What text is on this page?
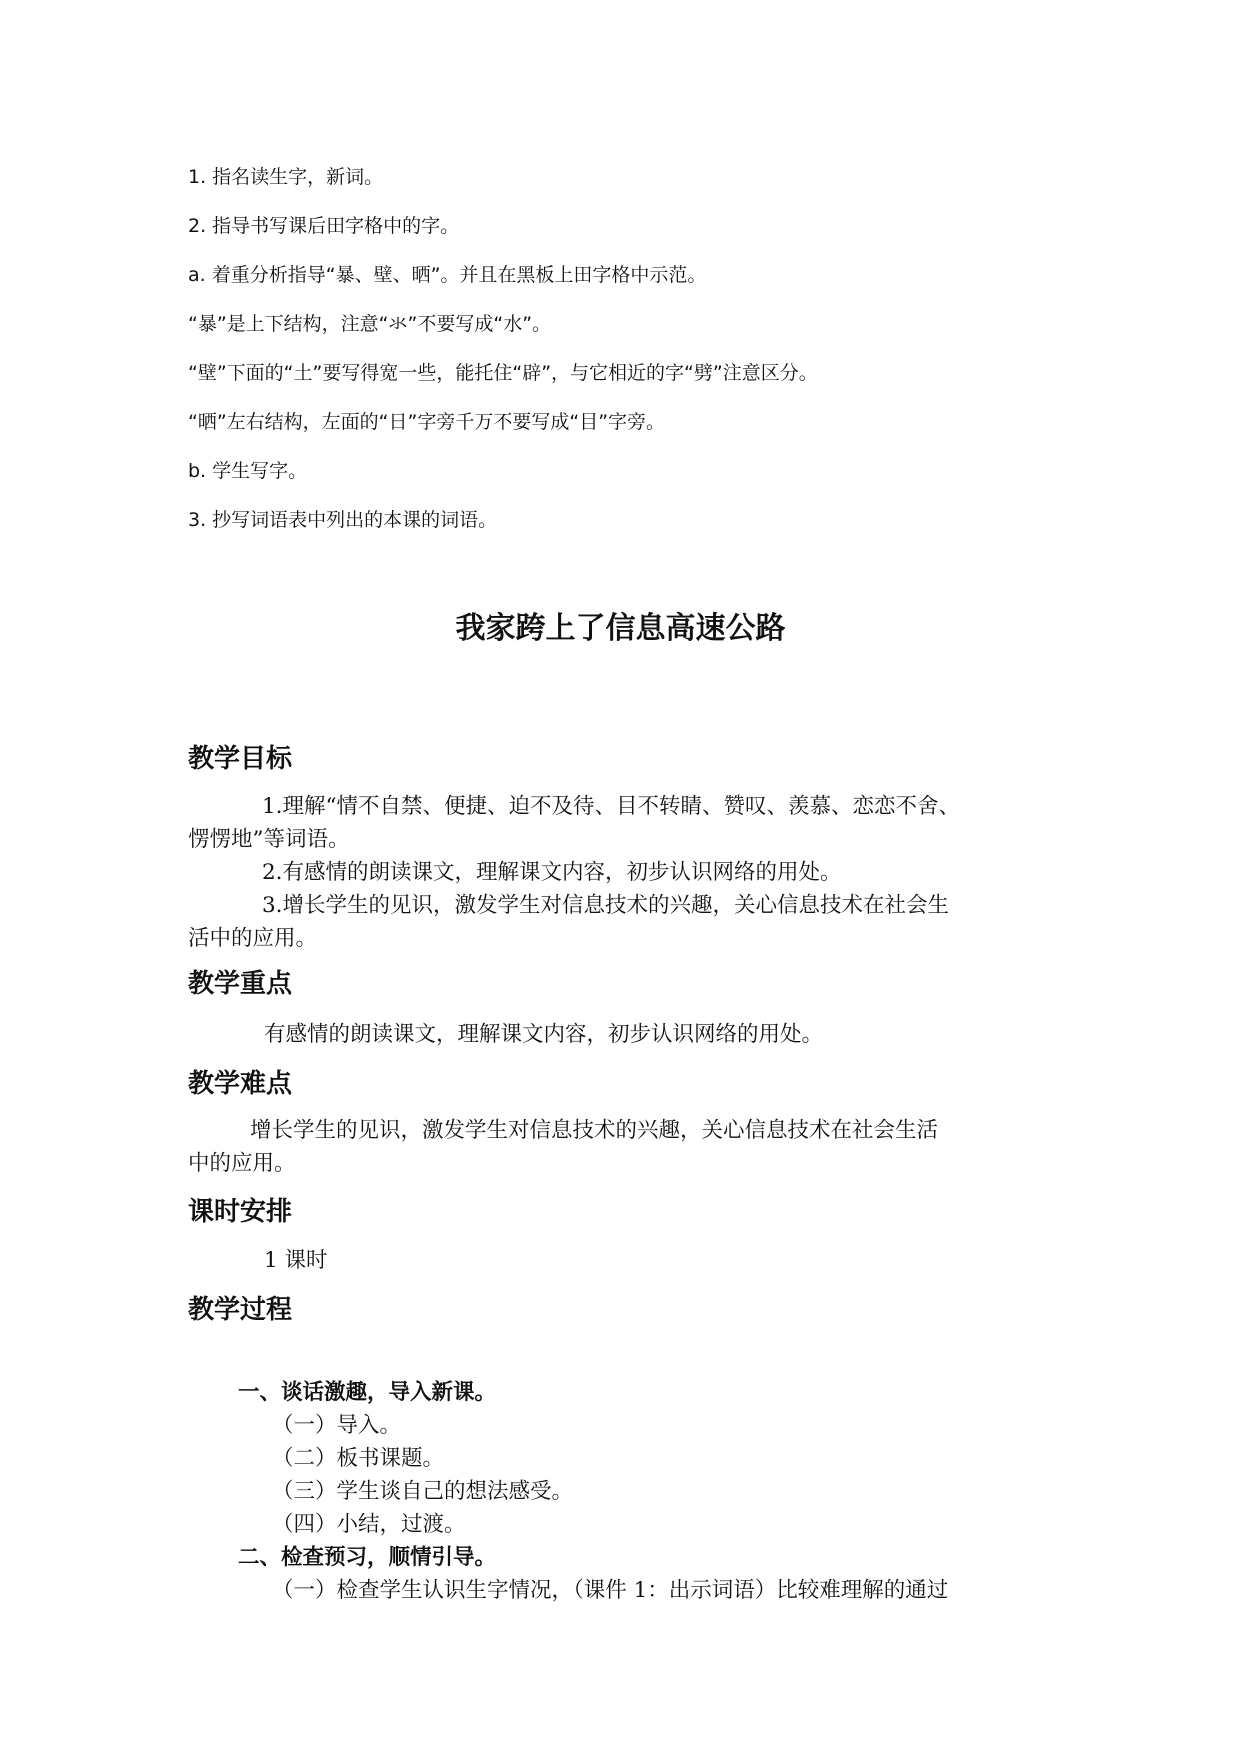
1. 指名读生字，新词。
2. 指导书写课后田字格中的字。
a. 着重分析指导“暴、壁、晒”。并且在黑板上田字格中示范。
“暴”是上下结构，注意“氺”不要写成“水”。
“壁”下面的“土”要写得宽一些，能托住“辟”，与它相近的字“劈”注意区分。
“晒”左右结构，左面的“日”字旁千万不要写成“目”字旁。
b. 学生写字。
3. 抄写词语表中列出的本课的词语。
我家跨上了信息高速公路
教学目标
1.理解“情不自禁、便捷、迫不及待、目不转睛、赞叹、羡慕、恋恋不舍、
愣愣地”等词语。
2.有感情的朗读课文，理解课文内容，初步认识网络的用处。
3.增长学生的见识，激发学生对信息技术的兴趣，关心信息技术在社会生
活中的应用。
教学重点
有感情的朗读课文，理解课文内容，初步认识网络的用处。
教学难点
增长学生的见识，激发学生对信息技术的兴趣，关心信息技术在社会生活
中的应用。
课时安排
1 课时
教学过程
一、谈话激趣，导入新课。
（一）导入。
（二）板书课题。
（三）学生谈自己的想法感受。
（四）小结，过渡。
二、检查预习，顺情引导。
（一）检查学生认识生字情况，（课件 1：出示词语）比较难理解的通过
